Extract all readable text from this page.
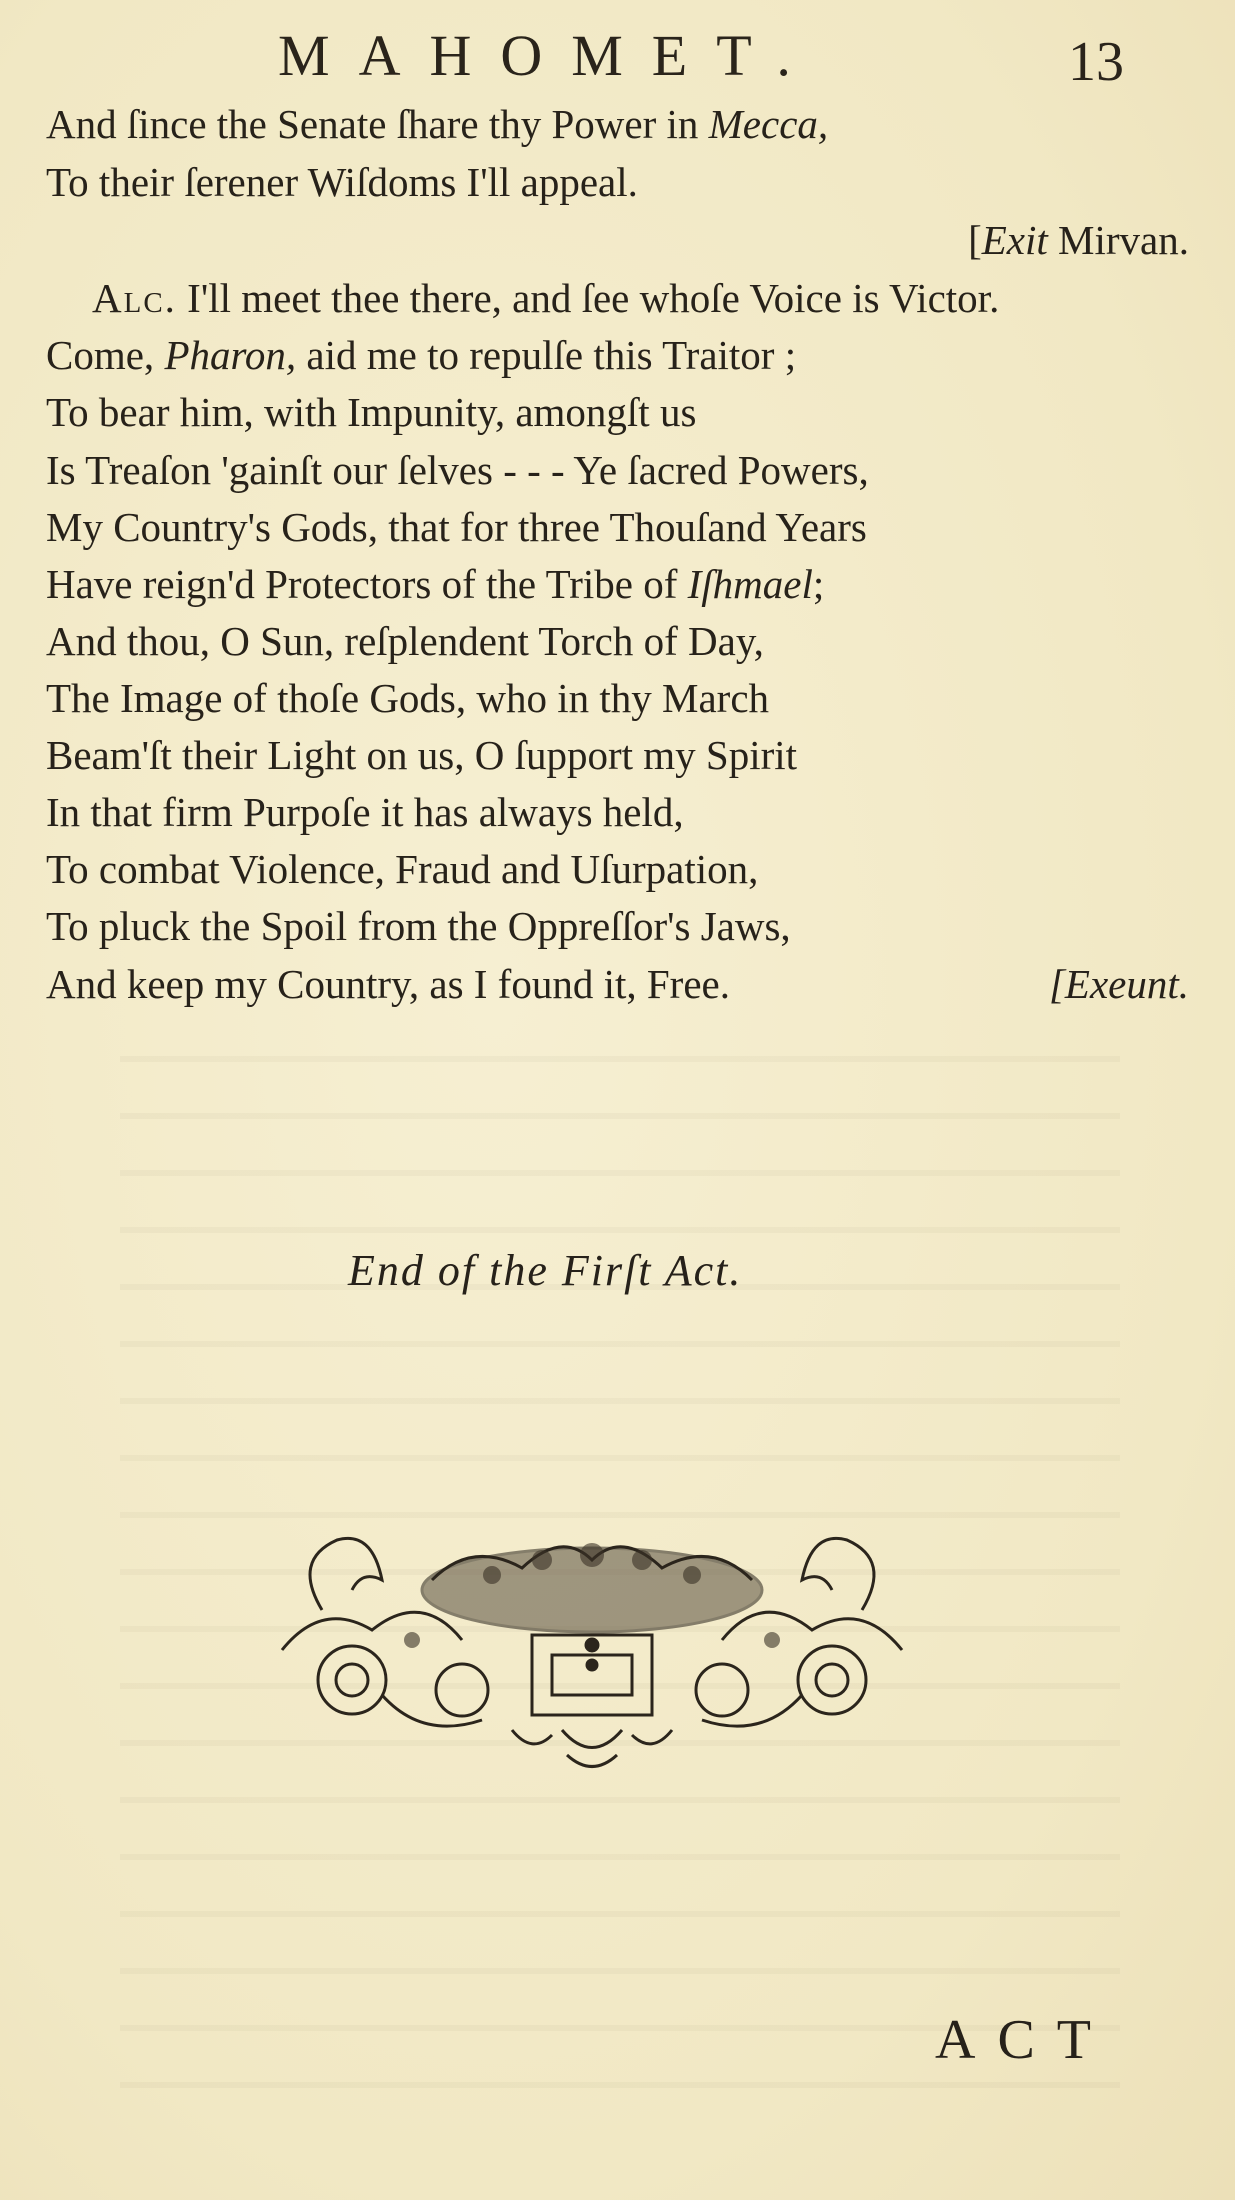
MAHOMET.	13
And ſince the Senate ſhare thy Power in Mecca,
To their ſerener Wiſdoms I'll appeal.
[Exit Mirvan.
Alc. I'll meet thee there, and ſee whoſe Voice is Victor.
Come, Pharon, aid me to repulſe this Traitor ;
To bear him, with Impunity, amongſt us
Is Treaſon 'gainſt our ſelves - - - Ye ſacred Powers,
My Country's Gods, that for three Thouſand Years
Have reign'd Protectors of the Tribe of Iſhmael;
And thou, O Sun, reſplendent Torch of Day,
The Image of thoſe Gods, who in thy March
Beam'ſt their Light on us, O ſupport my Spirit
In that firm Purpoſe it has always held,
To combat Violence, Fraud and Uſurpation,
To pluck the Spoil from the Oppreſſor's Jaws,
And keep my Country, as I found it, Free.	[Exeunt.
End of the Firſt Act.
ACT
